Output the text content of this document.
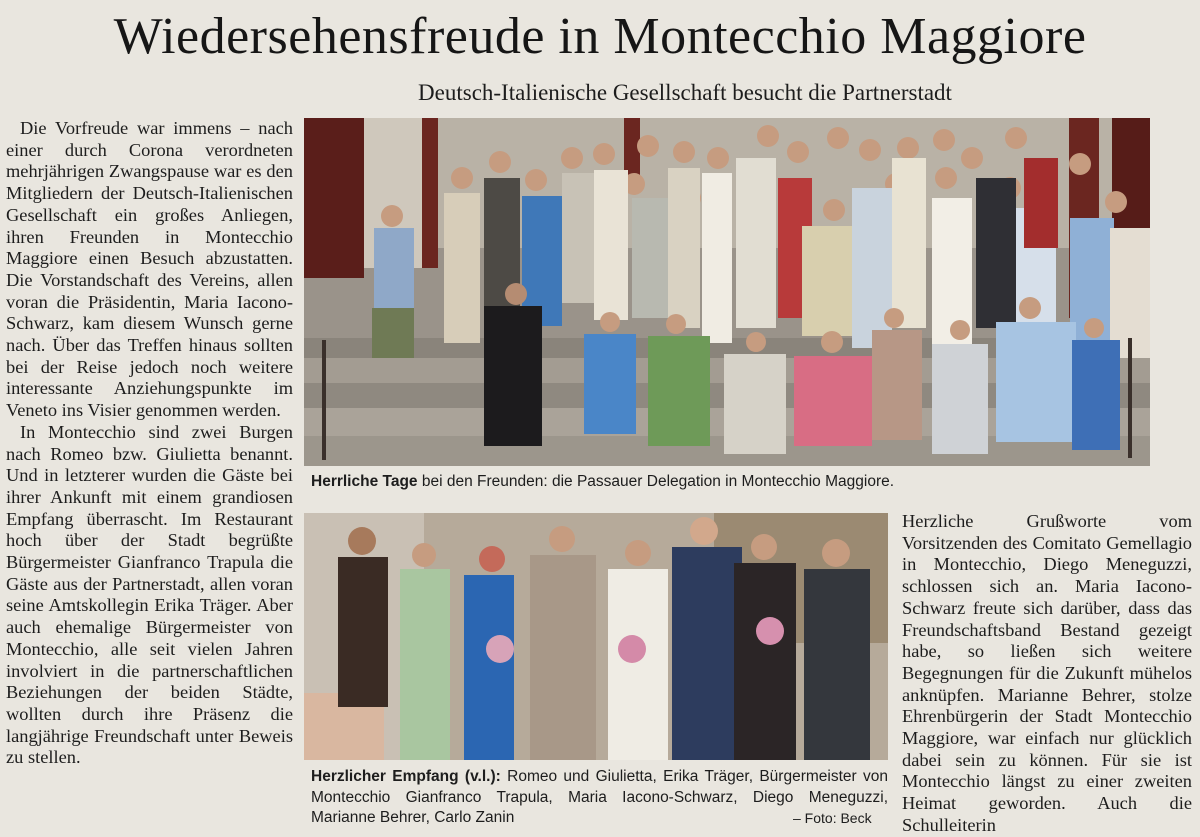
Wiedersehensfreude in Montecchio Maggiore
Deutsch-Italienische Gesellschaft besucht die Partnerstadt

Die Vorfreude war immens – nach einer durch Corona verordneten mehrjährigen Zwangspause war es den Mitgliedern der Deutsch-Italienischen Gesellschaft ein großes Anliegen, ihren Freunden in Montecchio Maggiore einen Besuch abzustatten. Die Vorstandschaft des Vereins, allen voran die Präsidentin, Maria Iacono-Schwarz, kam diesem Wunsch gerne nach. Über das Treffen hinaus sollten bei der Reise jedoch noch weitere interessante Anziehungspunkte im Veneto ins Visier genommen werden.

In Montecchio sind zwei Burgen nach Romeo bzw. Giulietta benannt. Und in letzterer wurden die Gäste bei ihrer Ankunft mit einem grandiosen Empfang überrascht. Im Restaurant hoch über der Stadt begrüßte Bürgermeister Gianfranco Trapula die Gäste aus der Partnerstadt, allen voran seine Amtskollegin Erika Träger. Aber auch ehemalige Bürgermeister von Montecchio, alle seit vielen Jahren involviert in die partnerschaftlichen Beziehungen der beiden Städte, wollten durch ihre Präsenz die langjährige Freundschaft unter Beweis zu stellen.

Herrliche Tage bei den Freunden: die Passauer Delegation in Montecchio Maggiore.
Herzlicher Empfang (v.l.): Romeo und Giulietta, Erika Träger, Bürgermeister von Montecchio Gianfranco Trapula, Maria Iacono-Schwarz, Diego Meneguzzi, Marianne Behrer, Carlo Zanin	– Foto: Beck

Herzliche Grußworte vom Vorsitzenden des Comitato Gemellagio in Montecchio, Diego Meneguzzi, schlossen sich an. Maria Iacono-Schwarz freute sich darüber, dass das Freundschaftsband Bestand gezeigt habe, so ließen sich weitere Begegnungen für die Zukunft mühelos anknüpfen. Marianne Behrer, stolze Ehrenbürgerin der Stadt Montecchio Maggiore, war einfach nur glücklich dabei sein zu können. Für sie ist Montecchio längst zu einer zweiten Heimat geworden. Auch die Schulleiterin
